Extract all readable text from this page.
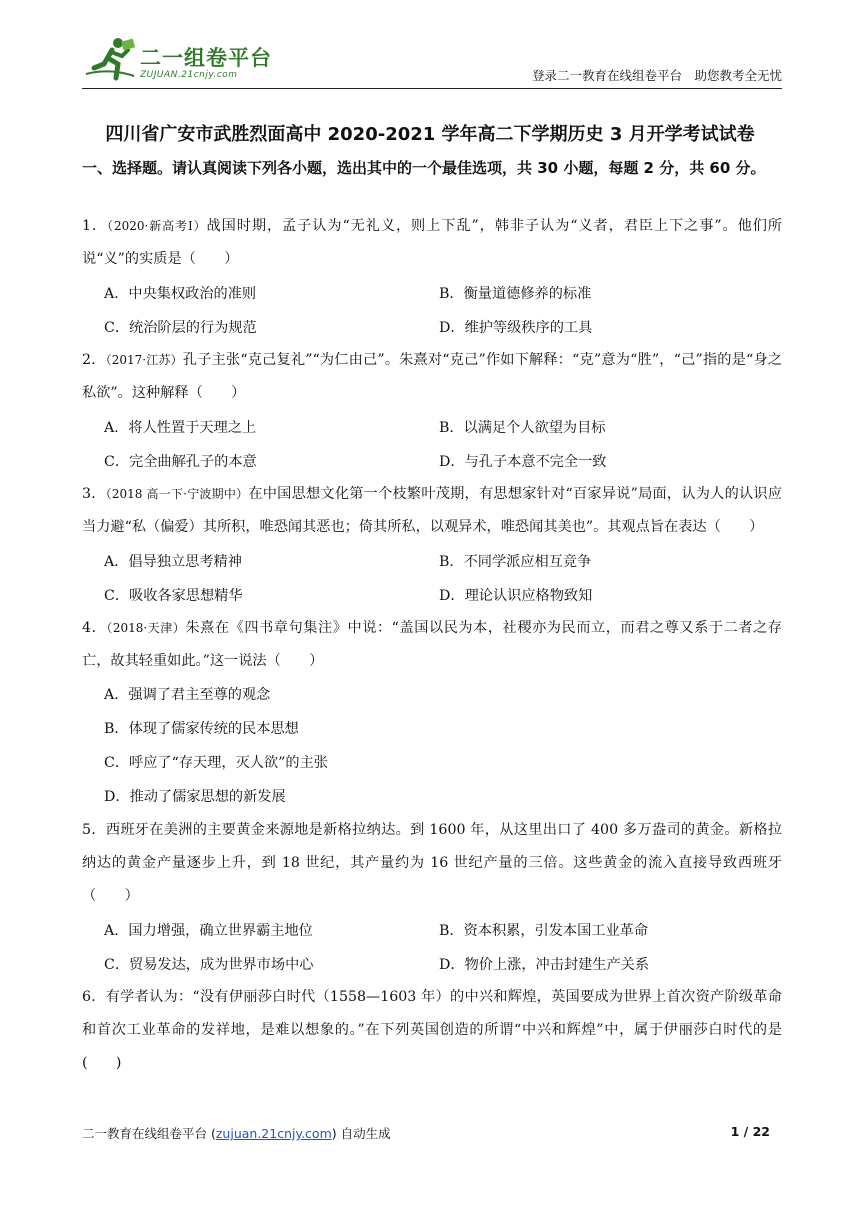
二一组卷平台
ZUJUAN.21cnjy.com	登录二一教育在线组卷平台　助您教考全无忧
四川省广安市武胜烈面高中 2020-2021 学年高二下学期历史 3 月开学考试试卷
一、选择题。请认真阅读下列各小题，选出其中的一个最佳选项，共 30 小题，每题 2 分，共 60 分。

1．（2020·新高考Ⅰ）战国时期，孟子认为“无礼义，则上下乱”，韩非子认为“义者，君臣上下之事”。他们所说“义”的实质是（　　）

A．中央集权政治的准则	B．衡量道德修养的标准
C．统治阶层的行为规范	D．维护等级秩序的工具

2．（2017·江苏）孔子主张“克己复礼”“为仁由己”。朱熹对“克己”作如下解释：“克”意为“胜”，“己”指的是“身之私欲”。这种解释（　　）

A．将人性置于天理之上	B．以满足个人欲望为目标
C．完全曲解孔子的本意	D．与孔子本意不完全一致

3．（2018 高一下·宁波期中）在中国思想文化第一个枝繁叶茂期，有思想家针对“百家异说”局面，认为人的认识应当力避“私（偏爱）其所积，唯恐闻其恶也；倚其所私，以观异术，唯恐闻其美也”。其观点旨在表达（　　）

A．倡导独立思考精神	B．不同学派应相互竞争
C．吸收各家思想精华	D．理论认识应格物致知

4．（2018·天津）朱熹在《四书章句集注》中说：“盖国以民为本，社稷亦为民而立，而君之尊又系于二者之存亡，故其轻重如此。”这一说法（　　）

A．强调了君主至尊的观念
B．体现了儒家传统的民本思想
C．呼应了“存天理，灭人欲”的主张
D．推动了儒家思想的新发展

5．西班牙在美洲的主要黄金来源地是新格拉纳达。到 1600 年，从这里出口了 400 多万盎司的黄金。新格拉纳达的黄金产量逐步上升，到 18 世纪，其产量约为 16 世纪产量的三倍。这些黄金的流入直接导致西班牙（　　）

A．国力增强，确立世界霸主地位	B．资本积累，引发本国工业革命
C．贸易发达，成为世界市场中心	D．物价上涨，冲击封建生产关系

6．有学者认为：“没有伊丽莎白时代（1558—1603 年）的中兴和辉煌，英国要成为世界上首次资产阶级革命和首次工业革命的发祥地，是难以想象的。”在下列英国创造的所谓“中兴和辉煌”中，属于伊丽莎白时代的是(　　)

二一教育在线组卷平台 (zujuan.21cnjy.com) 自动生成	1 / 22
